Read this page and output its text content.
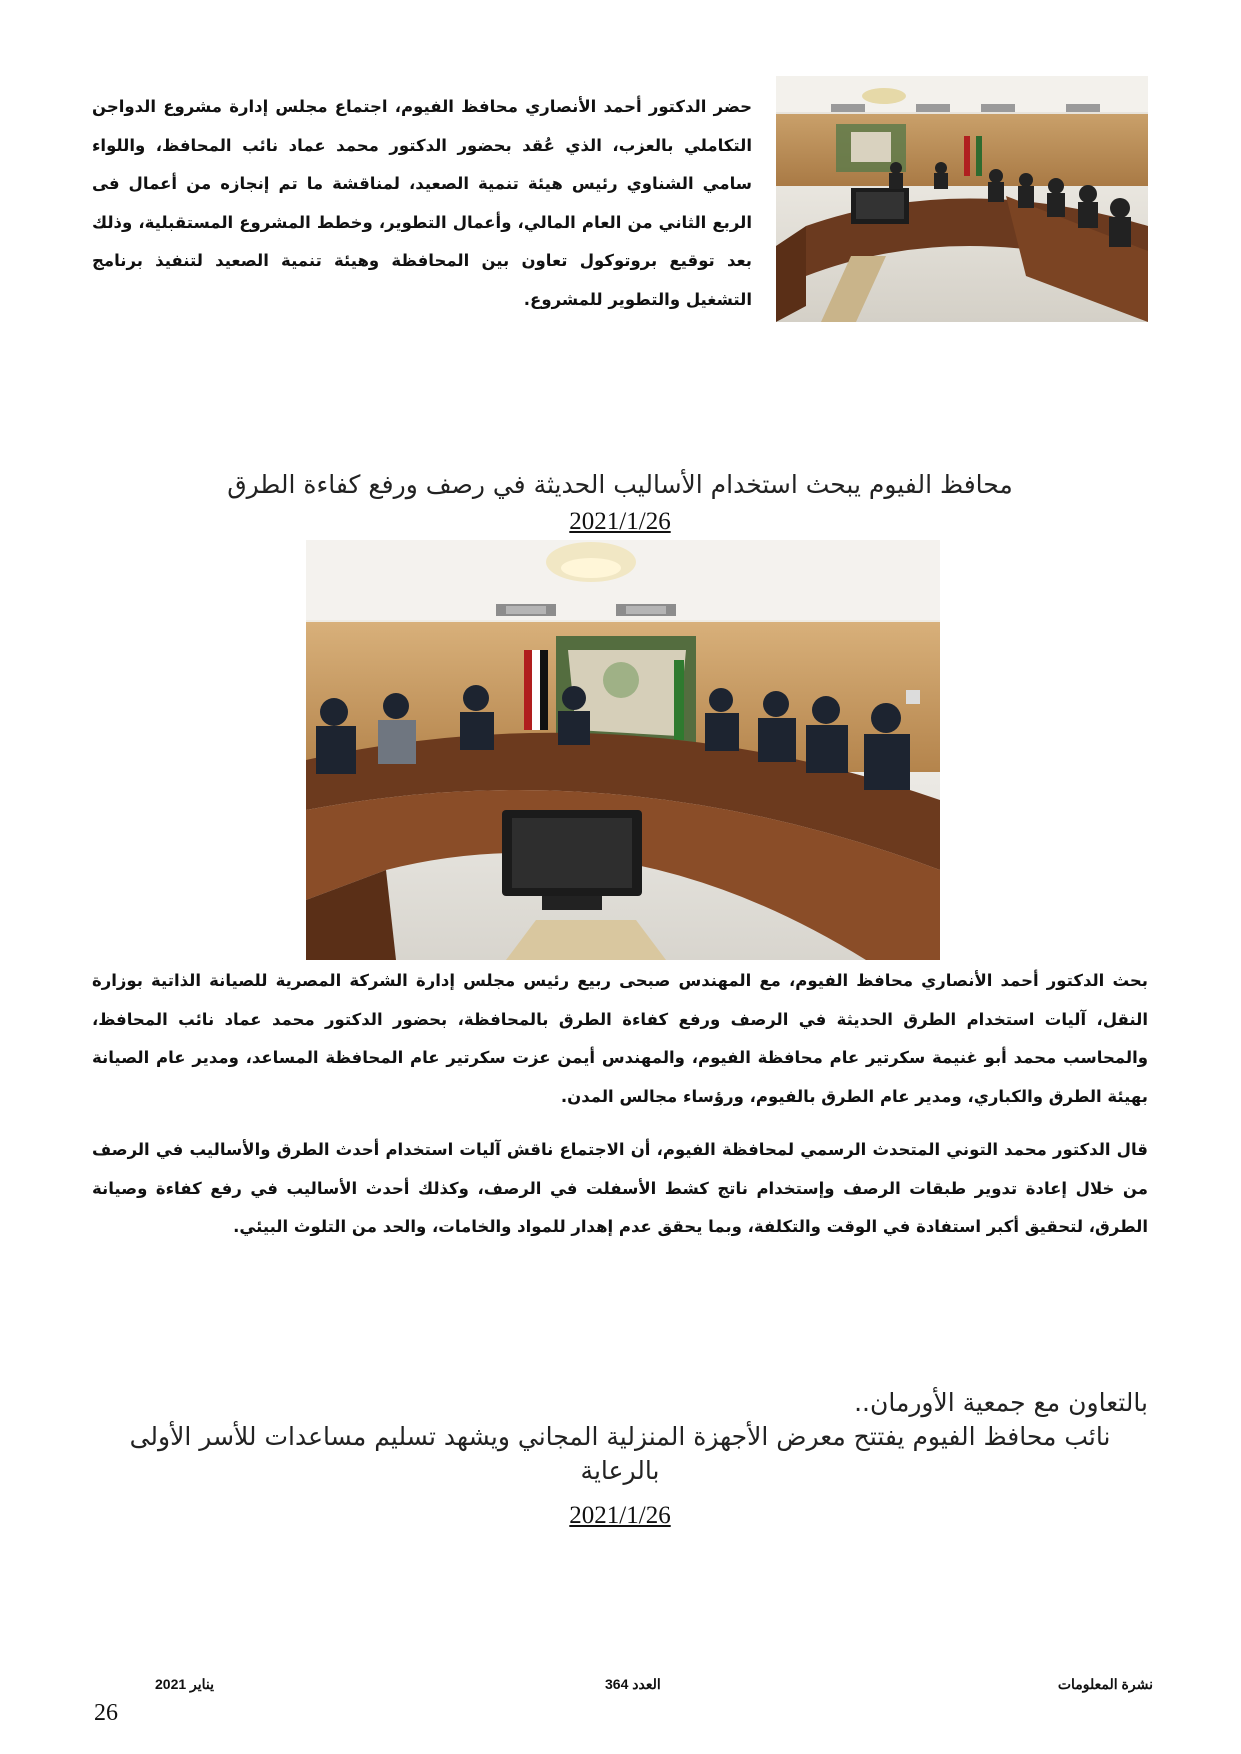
حضر الدكتور أحمد الأنصاري محافظ الفيوم، اجتماع مجلس إدارة مشروع الدواجن التكاملي بالعزب، الذي عُقد بحضور الدكتور محمد عماد نائب المحافظ، واللواء سامي الشناوي رئيس هيئة تنمية الصعيد، لمناقشة ما تم إنجازه من أعمال فى الربع الثاني من العام المالي، وأعمال التطوير، وخطط المشروع المستقبلية، وذلك بعد توقيع بروتوكول تعاون بين المحافظة وهيئة تنمية الصعيد لتنفيذ برنامج التشغيل والتطوير للمشروع.
محافظ الفيوم يبحث استخدام الأساليب الحديثة في رصف ورفع كفاءة الطرق
2021/1/26
بحث الدكتور أحمد الأنصاري محافظ الفيوم، مع المهندس صبحى ربيع رئيس مجلس إدارة الشركة المصرية للصيانة الذاتية بوزارة النقل، آليات استخدام الطرق الحديثة في الرصف ورفع كفاءة الطرق بالمحافظة، بحضور الدكتور محمد عماد نائب المحافظ، والمحاسب محمد أبو غنيمة سكرتير عام محافظة الفيوم، والمهندس أيمن عزت سكرتير عام المحافظة المساعد، ومدير عام الصيانة بهيئة الطرق والكباري، ومدير عام الطرق بالفيوم، ورؤساء مجالس المدن.
قال الدكتور محمد التوني المتحدث الرسمي لمحافظة الفيوم، أن الاجتماع ناقش آليات استخدام أحدث الطرق والأساليب في الرصف من خلال إعادة تدوير طبقات الرصف وإستخدام ناتج كشط الأسفلت في الرصف، وكذلك أحدث الأساليب في رفع كفاءة وصيانة الطرق، لتحقيق أكبر استفادة في الوقت والتكلفة، وبما يحقق عدم إهدار للمواد والخامات، والحد من التلوث البيئي.
بالتعاون مع جمعية الأورمان..
نائب محافظ الفيوم يفتتح معرض الأجهزة المنزلية المجاني ويشهد تسليم مساعدات للأسر الأولى بالرعاية
2021/1/26
نشرة المعلومات
العدد 364
يناير 2021
26
